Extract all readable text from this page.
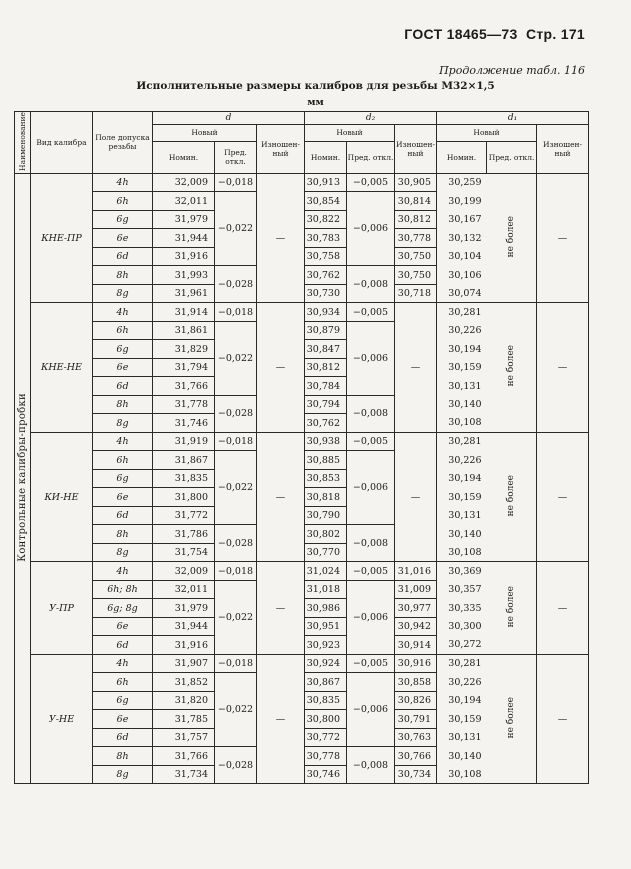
ГОСТ 18465—73 Стр. 171
Продолжение табл. 116
Исполнительные размеры калибров для резьбы М32×1,5
мм
Наименование	Вид калибра	Поле допуска резьбы	d			d₂			d₁		
			Новый		Изношен-ный	Новый		Изношен-ный	Новый		Изношен-ный
			Номин.	Пред. откл.		Номин.	Пред. откл.		Номин.	Пред. откл.	

Контрольные калибры-пробки	КНЕ-ПР	4h	32,009	−0,018	—	30,913	−0,005	30,905	30,259	не более	—
		6h	32,011	−0,022		30,854	−0,006	30,814	30,199		
		6g	31,979			30,822		30,812	30,167		
		6e	31,944			30,783		30,778	30,132		
		6d	31,916			30,758		30,750	30,104		
		8h	31,993	−0,028		30,762	−0,008	30,750	30,106		
		8g	31,961			30,730		30,718	30,074		
	КНЕ-НЕ	4h	31,914	−0,018	—	30,934	−0,005	—	30,281	не более	—
		6h	31,861	−0,022		30,879	−0,006		30,226		
		6g	31,829			30,847			30,194		
		6e	31,794			30,812			30,159		
		6d	31,766			30,784			30,131		
		8h	31,778	−0,028		30,794	−0,008		30,140		
		8g	31,746			30,762			30,108		
	КИ-НЕ	4h	31,919	−0,018	—	30,938	−0,005	—	30,281	не более	—
		6h	31,867	−0,022		30,885	−0,006		30,226		
		6g	31,835			30,853			30,194		
		6e	31,800			30,818			30,159		
		6d	31,772			30,790			30,131		
		8h	31,786	−0,028		30,802	−0,008		30,140		
		8g	31,754			30,770			30,108		
	У-ПР	4h	32,009	−0,018	—	31,024	−0,005	31,016	30,369	не более	—
		6h; 8h	32,011	−0,022		31,018	−0,006	31,009	30,357		
		6g; 8g	31,979			30,986		30,977	30,335		
		6e	31,944			30,951		30,942	30,300		
		6d	31,916			30,923		30,914	30,272		
	У-НЕ	4h	31,907	−0,018	—	30,924	−0,005	30,916	30,281	не более	—
		6h	31,852	−0,022		30,867	−0,006	30,858	30,226		
		6g	31,820			30,835		30,826	30,194		
		6e	31,785			30,800		30,791	30,159		
		6d	31,757			30,772		30,763	30,131		
		8h	31,766	−0,028		30,778	−0,008	30,766	30,140		
		8g	31,734			30,746		30,734	30,108		
